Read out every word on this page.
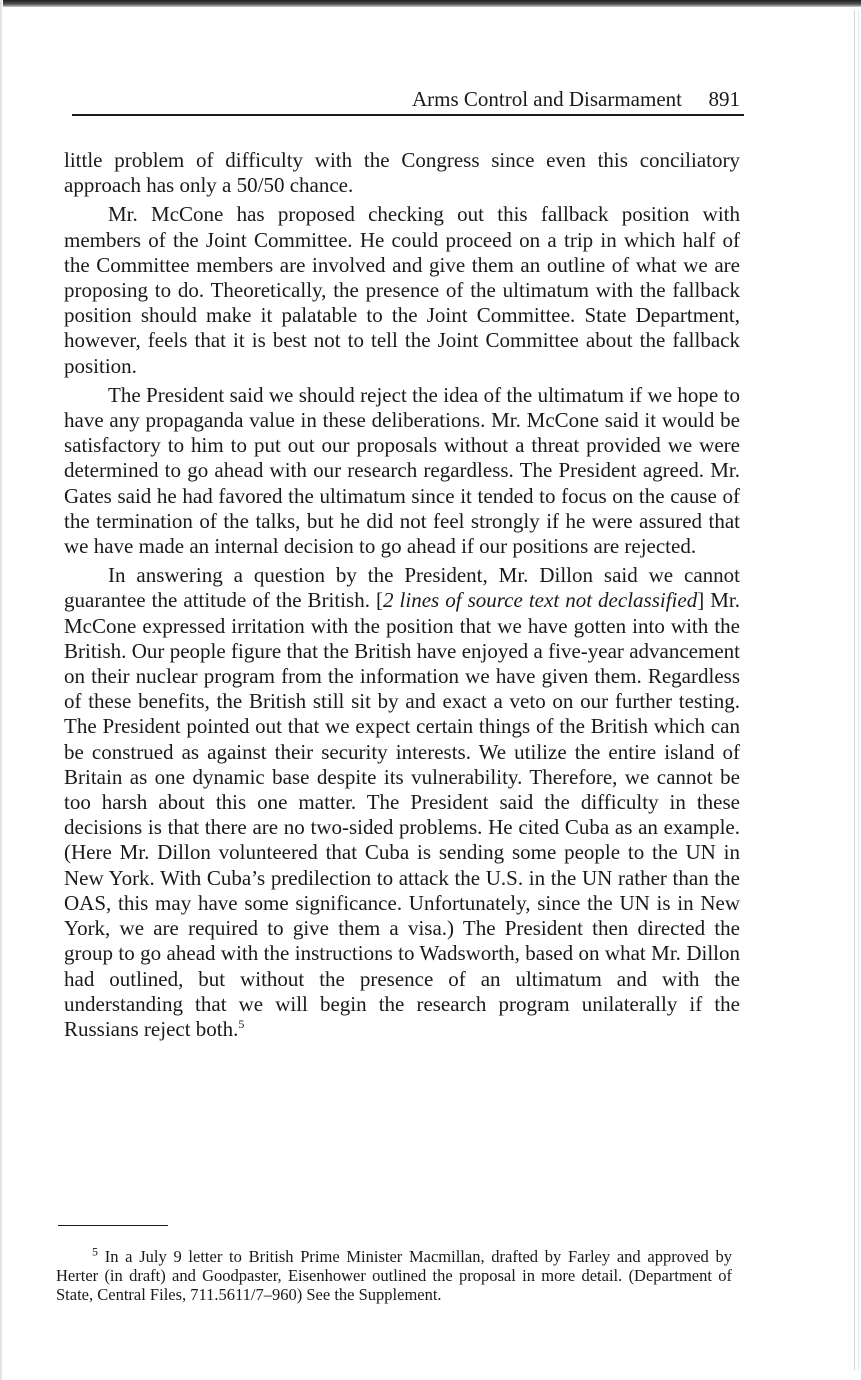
Arms Control and Disarmament 891

little problem of difficulty with the Congress since even this conciliatory approach has only a 50/50 chance.

Mr. McCone has proposed checking out this fallback position with members of the Joint Committee. He could proceed on a trip in which half of the Committee members are involved and give them an outline of what we are proposing to do. Theoretically, the presence of the ultimatum with the fallback position should make it palatable to the Joint Committee. State Department, however, feels that it is best not to tell the Joint Committee about the fallback position.

The President said we should reject the idea of the ultimatum if we hope to have any propaganda value in these deliberations. Mr. McCone said it would be satisfactory to him to put out our proposals without a threat provided we were determined to go ahead with our research regardless. The President agreed. Mr. Gates said he had favored the ultimatum since it tended to focus on the cause of the termination of the talks, but he did not feel strongly if he were assured that we have made an internal decision to go ahead if our positions are rejected.

In answering a question by the President, Mr. Dillon said we cannot guarantee the attitude of the British. [2 lines of source text not declassified] Mr. McCone expressed irritation with the position that we have gotten into with the British. Our people figure that the British have enjoyed a five-year advancement on their nuclear program from the information we have given them. Regardless of these benefits, the British still sit by and exact a veto on our further testing. The President pointed out that we expect certain things of the British which can be construed as against their security interests. We utilize the entire island of Britain as one dynamic base despite its vulnerability. Therefore, we cannot be too harsh about this one matter. The President said the difficulty in these decisions is that there are no two-sided problems. He cited Cuba as an example. (Here Mr. Dillon volunteered that Cuba is sending some people to the UN in New York. With Cuba’s predilection to attack the U.S. in the UN rather than the OAS, this may have some significance. Unfortunately, since the UN is in New York, we are required to give them a visa.) The President then directed the group to go ahead with the instructions to Wadsworth, based on what Mr. Dillon had outlined, but without the presence of an ultimatum and with the understanding that we will begin the research program unilaterally if the Russians reject both.$^5$

$^5$ In a July 9 letter to British Prime Minister Macmillan, drafted by Farley and approved by Herter (in draft) and Goodpaster, Eisenhower outlined the proposal in more detail. (Department of State, Central Files, 711.5611/7–960) See the Supplement.
